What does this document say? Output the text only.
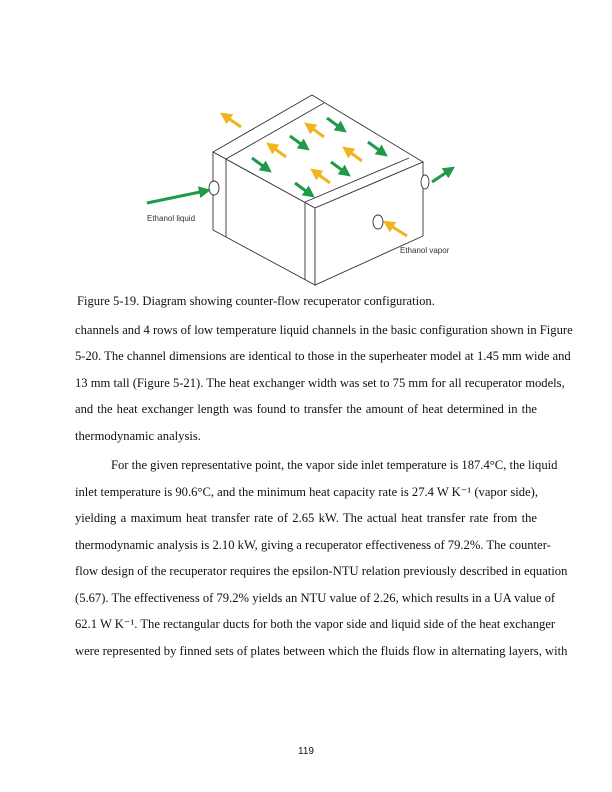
Ethanol liquid
Ethanol vapor
Figure 5-19. Diagram showing counter-flow recuperator configuration.
channels and 4 rows of low temperature liquid channels in the basic configuration shown in Figure
5-20. The channel dimensions are identical to those in the superheater model at 1.45 mm wide and
13 mm tall (Figure 5-21). The heat exchanger width was set to 75 mm for all recuperator models,
and the heat exchanger length was found to transfer the amount of heat determined in the
thermodynamic analysis.
For the given representative point, the vapor side inlet temperature is 187.4°C, the liquid
inlet temperature is 90.6°C, and the minimum heat capacity rate is 27.4 W K⁻¹ (vapor side),
yielding a maximum heat transfer rate of 2.65 kW. The actual heat transfer rate from the
thermodynamic analysis is 2.10 kW, giving a recuperator effectiveness of 79.2%. The counter-
flow design of the recuperator requires the epsilon-NTU relation previously described in equation
(5.67). The effectiveness of 79.2% yields an NTU value of 2.26, which results in a UA value of
62.1 W K⁻¹. The rectangular ducts for both the vapor side and liquid side of the heat exchanger
were represented by finned sets of plates between which the fluids flow in alternating layers, with
119
